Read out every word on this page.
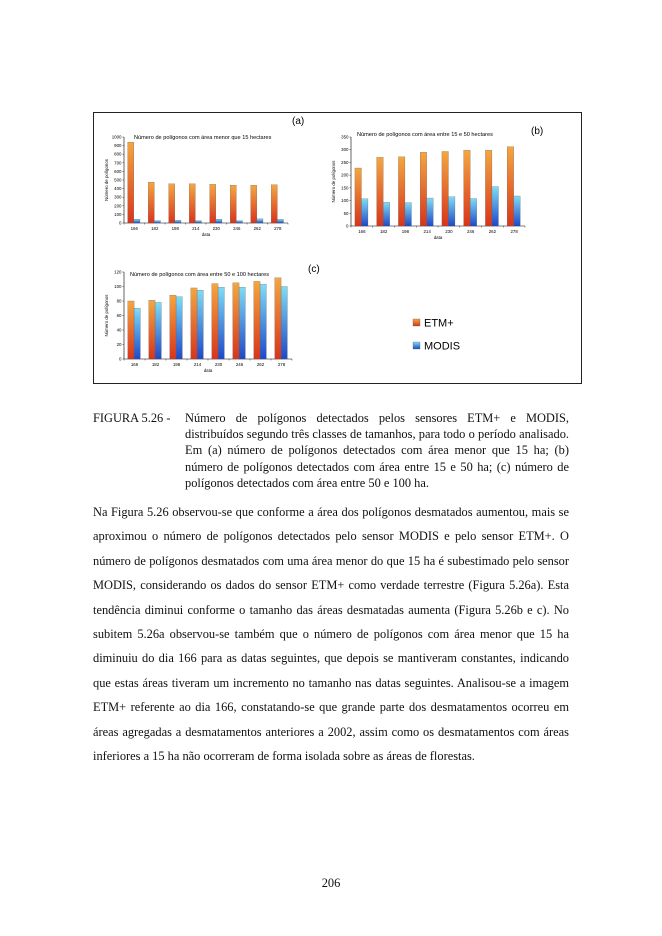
(a)
Número de polígonos com área menor que 15 hectares
0
100
200
300
400
500
600
700
800
900
1000
Número de polígonos
166	182	198	214	230	246	262	278
data
(b)
Número de polígonos com área entre 15 e 50 hectares
0
50
100
150
200
250
300
350
Número de polígonos
166	182	198	214	230	246	262	278
data
(c)
Número de polígonos com área entre 50 e 100 hectares
0
20
40
60
80
100
120
Número de polígonos
166	182	198	214	230	246	262	278
data
ETM+
MODIS
FIGURA 5.26 - Número de polígonos detectados pelos sensores ETM+ e MODIS, distribuídos segundo três classes de tamanhos, para todo o período analisado. Em (a) número de polígonos detectados com área menor que 15 ha; (b) número de polígonos detectados com área entre 15 e 50 ha; (c) número de polígonos detectados com área entre 50 e 100 ha.

Na Figura 5.26 observou-se que conforme a área dos polígonos desmatados aumentou, mais se aproximou o número de polígonos detectados pelo sensor MODIS e pelo sensor ETM+. O número de polígonos desmatados com uma área menor do que 15 ha é subestimado pelo sensor MODIS, considerando os dados do sensor ETM+ como verdade terrestre (Figura 5.26a). Esta tendência diminui conforme o tamanho das áreas desmatadas aumenta (Figura 5.26b e c). No subitem 5.26a observou-se também que o número de polígonos com área menor que 15 ha diminuiu do dia 166 para as datas seguintes, que depois se mantiveram constantes, indicando que estas áreas tiveram um incremento no tamanho nas datas seguintes. Analisou-se a imagem ETM+ referente ao dia 166, constatando-se que grande parte dos desmatamentos ocorreu em áreas agregadas a desmatamentos anteriores a 2002, assim como os desmatamentos com áreas inferiores a 15 ha não ocorreram de forma isolada sobre as áreas de florestas.

206
